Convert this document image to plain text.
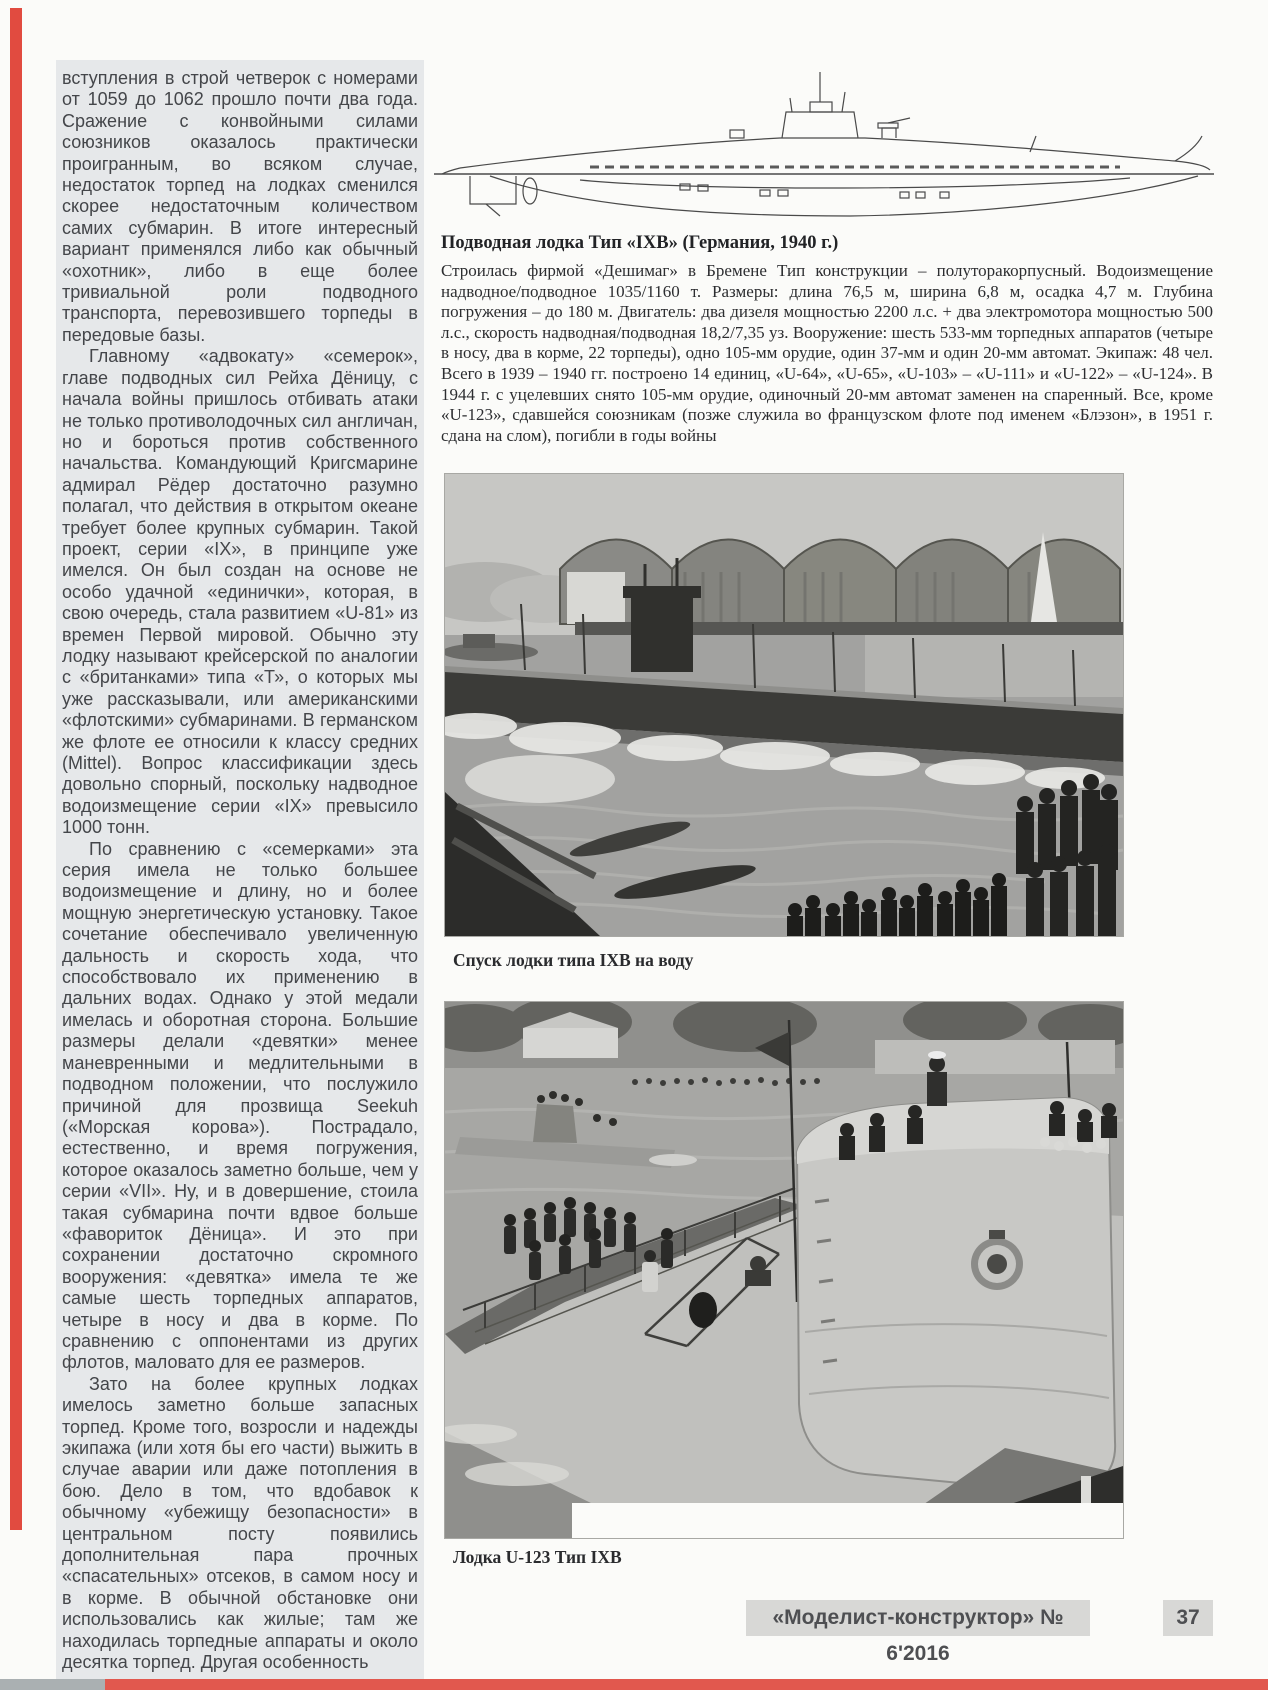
вступления в строй четверок с номерами от 1059 до 1062 прошло почти два года. Сражение с конвойными силами союзников оказалось практически проигранным, во всяком случае, недостаток торпед на лодках сменился скорее недостаточным количеством самих субмарин. В итоге интересный вариант применялся либо как обычный «охотник», либо в еще более тривиальной роли подводного транспорта, перевозившего торпеды в передовые базы.

Главному «адвокату» «семерок», главе подводных сил Рейха Дёницу, с начала войны пришлось отбивать атаки не только противолодочных сил англичан, но и бороться против собственного начальства. Командующий Кригсмарине адмирал Рёдер достаточно разумно полагал, что действия в открытом океане требует более крупных субмарин. Такой проект, серии «IX», в принципе уже имелся. Он был создан на основе не особо удачной «единички», которая, в свою очередь, стала развитием «U-81» из времен Первой мировой. Обычно эту лодку называют крейсерской по аналогии с «британками» типа «Т», о которых мы уже рассказывали, или американскими «флотскими» субмаринами. В германском же флоте ее относили к классу средних (Mittel). Вопрос классификации здесь довольно спорный, поскольку надводное водоизмещение серии «IX» превысило 1000 тонн.

По сравнению с «семерками» эта серия имела не только большее водоизмещение и длину, но и более мощную энергетическую установку. Такое сочетание обеспечивало увеличенную дальность и скорость хода, что способствовало их применению в дальних водах. Однако у этой медали имелась и оборотная сторона. Большие размеры делали «девятки» менее маневренными и медлительными в подводном положении, что послужило причиной для прозвища Seekuh («Морская корова»). Пострадало, естественно, и время погружения, которое оказалось заметно больше, чем у серии «VII». Ну, и в довершение, стоила такая субмарина почти вдвое больше «фавориток Дёница». И это при сохранении достаточно скромного вооружения: «девятка» имела те же самые шесть торпедных аппаратов, четыре в носу и два в корме. По сравнению с оппонентами из других флотов, маловато для ее размеров.

Зато на более крупных лодках имелось заметно больше запасных торпед. Кроме того, возросли и надежды экипажа (или хотя бы его части) выжить в случае аварии или даже потопления в бою. Дело в том, что вдобавок к обычному «убежищу безопасности» в центральном посту появились дополнительная пара прочных «спасательных» отсеков, в самом носу и в корме. В обычной обстановке они использовались как жилые; там же находилась торпедные аппараты и около десятка торпед. Другая особенность

Подводная лодка Тип «IXB» (Германия, 1940 г.)
Строилась фирмой «Дешимаг» в Бремене Тип конструкции – полуторакорпусный. Водоизмещение надводное/подводное 1035/1160 т. Размеры: длина 76,5 м, ширина 6,8 м, осадка 4,7 м. Глубина погружения – до 180 м. Двигатель: два дизеля мощностью 2200 л.с. + два электромотора мощностью 500 л.с., скорость надводная/подводная 18,2/7,35 уз. Вооружение: шесть 533-мм торпедных аппаратов (четыре в носу, два в корме, 22 торпеды), одно 105-мм орудие, один 37-мм и один 20-мм автомат. Экипаж: 48 чел. Всего в 1939 – 1940 гг. построено 14 единиц, «U-64», «U-65», «U-103» – «U-111» и «U-122» – «U-124». В 1944 г. с уцелевших снято 105-мм орудие, одиночный 20-мм автомат заменен на спаренный. Все, кроме «U-123», сдавшейся союзникам (позже служила во французском флоте под именем «Блэзон», в 1951 г. сдана на слом), погибли в годы войны
Спуск лодки типа IXB на воду
Лодка U-123 Тип IXB
«Моделист-конструктор» № 6'2016
37
